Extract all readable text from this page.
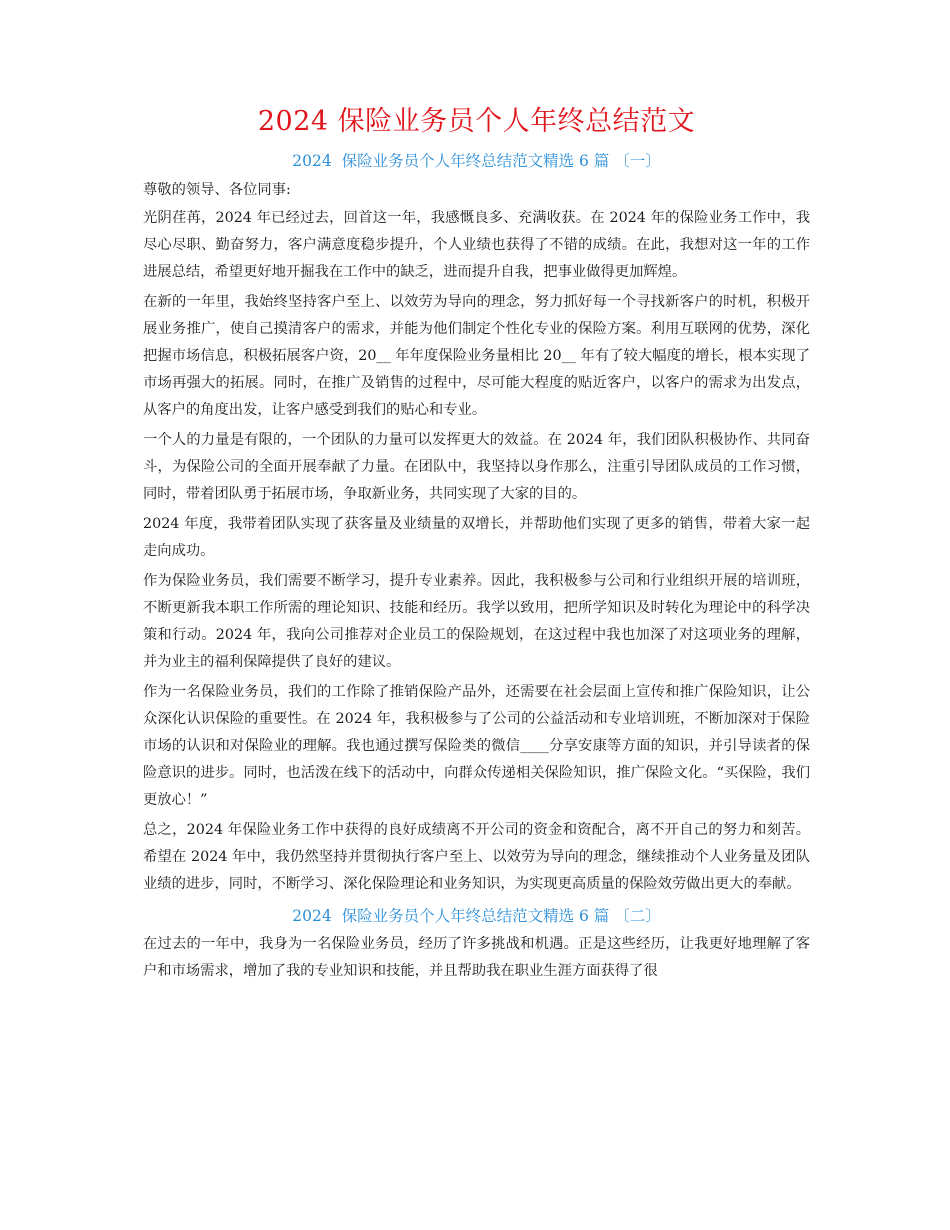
2024 保险业务员个人年终总结范文
2024  保险业务员个人年终总结范文精选 6 篇 〔一〕

尊敬的领导、各位同事:

光阴荏苒，2024 年已经过去，回首这一年，我感慨良多、充满收获。在 2024 年的保险业务工作中，我尽心尽职、勤奋努力，客户满意度稳步提升，个人业绩也获得了不错的成绩。在此，我想对这一年的工作进展总结，希望更好地开掘我在工作中的缺乏，进而提升自我，把事业做得更加辉煌。

在新的一年里，我始终坚持客户至上、以效劳为导向的理念，努力抓好每一个寻找新客户的时机，积极开展业务推广，使自己摸清客户的需求，并能为他们制定个性化专业的保险方案。利用互联网的优势，深化把握市场信息，积极拓展客户资，20__ 年年度保险业务量相比 20__ 年有了较大幅度的增长，根本实现了市场再强大的拓展。同时，在推广及销售的过程中，尽可能大程度的贴近客户，以客户的需求为出发点，从客户的角度出发，让客户感受到我们的贴心和专业。

一个人的力量是有限的，一个团队的力量可以发挥更大的效益。在 2024 年，我们团队积极协作、共同奋斗，为保险公司的全面开展奉献了力量。在团队中，我坚持以身作那么，注重引导团队成员的工作习惯，同时，带着团队勇于拓展市场，争取新业务，共同实现了大家的目的。

2024 年度，我带着团队实现了获客量及业绩量的双增长，并帮助他们实现了更多的销售，带着大家一起走向成功。

作为保险业务员，我们需要不断学习，提升专业素养。因此，我积极参与公司和行业组织开展的培训班，不断更新我本职工作所需的理论知识、技能和经历。我学以致用，把所学知识及时转化为理论中的科学决策和行动。2024 年，我向公司推荐对企业员工的保险规划，在这过程中我也加深了对这项业务的理解，并为业主的福利保障提供了良好的建议。

作为一名保险业务员，我们的工作除了推销保险产品外，还需要在社会层面上宣传和推广保险知识，让公众深化认识保险的重要性。在 2024 年，我积极参与了公司的公益活动和专业培训班，不断加深对于保险市场的认识和对保险业的理解。我也通过撰写保险类的微信____分享安康等方面的知识，并引导读者的保险意识的进步。同时，也活泼在线下的活动中，向群众传递相关保险知识，推广保险文化。“买保险，我们更放心！”

总之，2024 年保险业务工作中获得的良好成绩离不开公司的资金和资配合，离不开自己的努力和刻苦。希望在 2024 年中，我仍然坚持并贯彻执行客户至上、以效劳为导向的理念，继续推动个人业务量及团队业绩的进步，同时，不断学习、深化保险理论和业务知识，为实现更高质量的保险效劳做出更大的奉献。

2024  保险业务员个人年终总结范文精选 6 篇 〔二〕

在过去的一年中，我身为一名保险业务员，经历了许多挑战和机遇。正是这些经历，让我更好地理解了客户和市场需求，增加了我的专业知识和技能，并且帮助我在职业生涯方面获得了很
